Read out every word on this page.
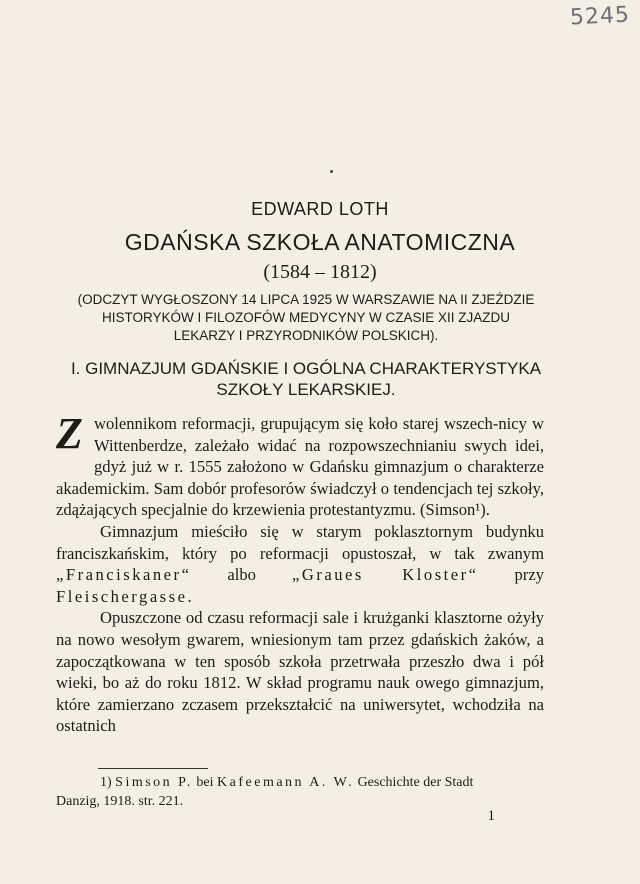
5245
EDWARD LOTH
GDAŃSKA SZKOŁA ANATOMICZNA
(1584 – 1812)
(ODCZYT WYGŁOSZONY 14 LIPCA 1925 W WARSZAWIE NA II ZJEŹDZIE
HISTORYKÓW I FILOZOFÓW MEDYCYNY W CZASIE XII ZJAZDU
LEKARZY I PRZYRODNIKÓW POLSKICH).
I. GIMNAZJUM GDAŃSKIE I OGÓLNA CHARAKTERYSTYKA
SZKOŁY LEKARSKIEJ.

Z wolennikom reformacji, grupującym się koło starej wszech-nicy w Wittenberdze, zależało widać na rozpowszechnianiu swych idei, gdyż już w r. 1555 założono w Gdańsku gimnazjum o charakterze akademickim. Sam dobór profesorów świadczył o tendencjach tej szkoły, zdążających specjalnie do krzewienia protestantyzmu. (Simson¹).

Gimnazjum mieściło się w starym poklasztornym budynku franciszkańskim, który po reformacji opustoszał, w tak zwanym „Franciskaner“ albo „Graues Kloster“ przy Fleischergasse.

Opuszczone od czasu reformacji sale i krużganki klasztorne ożyły na nowo wesołym gwarem, wniesionym tam przez gdańskich żaków, a zapoczątkowana w ten sposób szkoła przetrwała przeszło dwa i pół wieki, bo aż do roku 1812. W skład programu nauk owego gimnazjum, które zamierzano zczasem przekształcić na uniwersytet, wchodziła na ostatnich

1) Simson P. bei Kafeemann A. W. Geschichte der Stadt

Danzig, 1918. str. 221.

1
